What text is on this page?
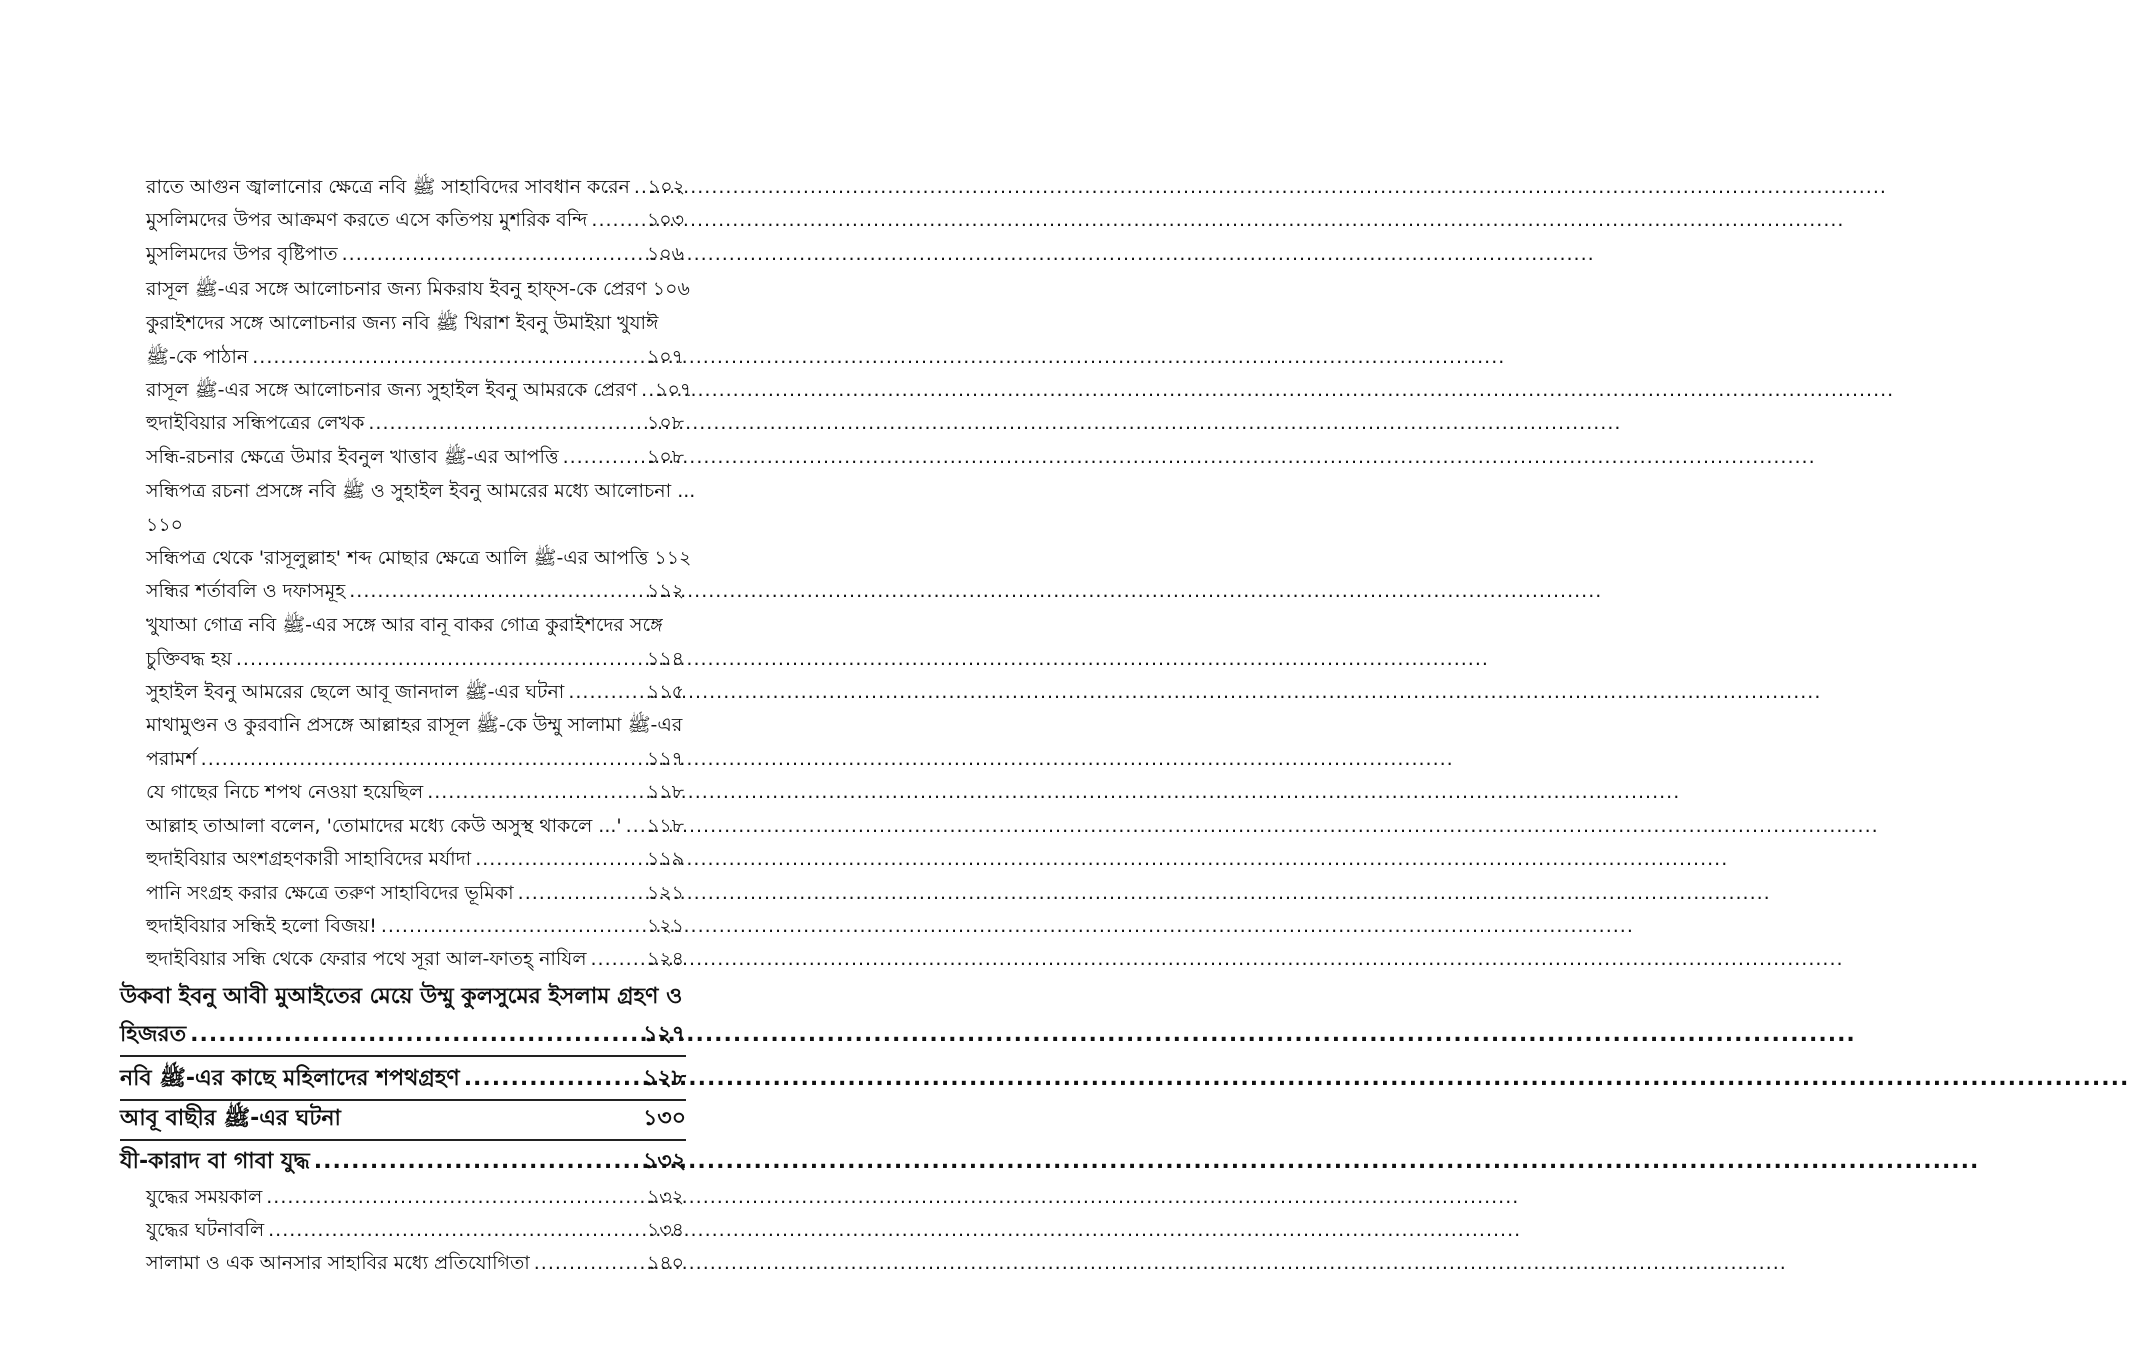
রাতে আগুন জ্বালানোর ক্ষেত্রে নবি ﷺ সাহাবিদের সাবধান করেন ..... ১০২
মুসলিমদের উপর আক্রমণ করতে এসে কতিপয় মুশরিক বন্দি .....	১০৩
মুসলিমদের উপর বৃষ্টিপাত .....	১০৬
রাসূল ﷺ-এর সঙ্গে আলোচনার জন্য মিকরায ইবনু হাফ্স-কে প্রেরণ ১০৬
কুরাইশদের সঙ্গে আলোচনার জন্য নবি ﷺ খিরাশ ইবনু উমাইয়া খুযাঈ
ﷺ-কে পাঠান .....	১০৭
রাসূল ﷺ-এর সঙ্গে আলোচনার জন্য সুহাইল ইবনু আমরকে প্রেরণ ..... ১০৭
হুদাইবিয়ার সন্ধিপত্রের লেখক .....	১০৮
সন্ধি-রচনার ক্ষেত্রে উমার ইবনুল খাত্তাব ﷺ-এর আপত্তি .....	১০৮
সন্ধিপত্র রচনা প্রসঙ্গে নবি ﷺ ও সুহাইল ইবনু আমরের মধ্যে আলোচনা ...
১১০
সন্ধিপত্র থেকে 'রাসূলুল্লাহ' শব্দ মোছার ক্ষেত্রে আলি ﷺ-এর আপত্তি ১১২
সন্ধির শর্তাবলি ও দফাসমূহ .....	১১২
খুযাআ গোত্র নবি ﷺ-এর সঙ্গে আর বানূ বাকর গোত্র কুরাইশদের সঙ্গে
চুক্তিবদ্ধ হয় .....	১১৪
সুহাইল ইবনু আমরের ছেলে আবূ জানদাল ﷺ-এর ঘটনা .....	১১৫
মাথামুণ্ডন ও কুরবানি প্রসঙ্গে আল্লাহর রাসূল ﷺ-কে উম্মু সালামা ﷺ-এর
পরামর্শ .....	১১৭
যে গাছের নিচে শপথ নেওয়া হয়েছিল .....	১১৮
আল্লাহ তাআলা বলেন, 'তোমাদের মধ্যে কেউ অসুস্থ থাকলে ...' ..... ১১৮
হুদাইবিয়ার অংশগ্রহণকারী সাহাবিদের মর্যাদা .....	১১৯
পানি সংগ্রহ করার ক্ষেত্রে তরুণ সাহাবিদের ভূমিকা .....	১২১
হুদাইবিয়ার সন্ধিই হলো বিজয়! .....	১২১
হুদাইবিয়ার সন্ধি থেকে ফেরার পথে সূরা আল-ফাতহ্ নাযিল .....	১২৪
উকবা ইবনু আবী মুআইতের মেয়ে উম্মু কুলসুমের ইসলাম গ্রহণ ও
হিজরত .....	১২৭
নবি ﷺ-এর কাছে মহিলাদের শপথগ্রহণ .....	১২৮
আবূ বাছীর ﷺ-এর ঘটনা	১৩০
যী-কারাদ বা গাবা যুদ্ধ .....	১৩২
যুদ্ধের সময়কাল .....	১৩২
যুদ্ধের ঘটনাবলি .....	১৩৪
সালামা ও এক আনসার সাহাবির মধ্যে প্রতিযোগিতা .....	১৪০
